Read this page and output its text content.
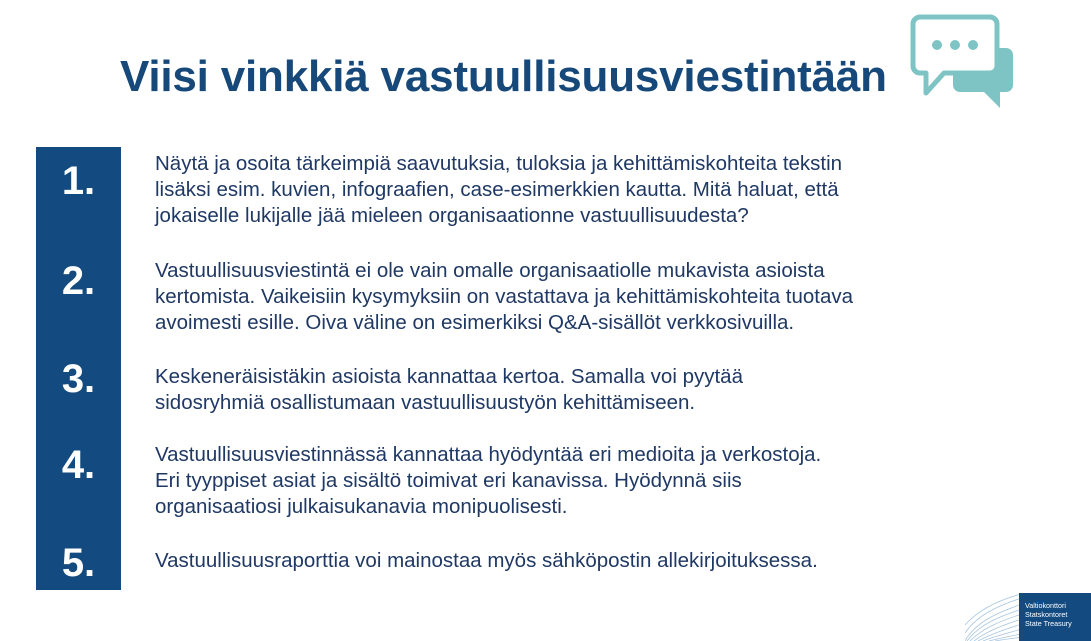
Viisi vinkkiä vastuullisuusviestintään
1.
2.
3.
4.
5.

Näytä ja osoita tärkeimpiä saavutuksia, tuloksia ja kehittämiskohteita tekstin

lisäksi esim. kuvien, infograafien, case-esimerkkien kautta. Mitä haluat, että

jokaiselle lukijalle jää mieleen organisaationne vastuullisuudesta?

Vastuullisuusviestintä ei ole vain omalle organisaatiolle mukavista asioista

kertomista. Vaikeisiin kysymyksiin on vastattava ja kehittämiskohteita tuotava

avoimesti esille. Oiva väline on esimerkiksi Q&A-sisällöt verkkosivuilla.

Keskeneräisistäkin asioista kannattaa kertoa. Samalla voi pyytää

sidosryhmiä osallistumaan vastuullisuustyön kehittämiseen.

Vastuullisuusviestinnässä kannattaa hyödyntää eri medioita ja verkostoja.

Eri tyyppiset asiat ja sisältö toimivat eri kanavissa. Hyödynnä siis

organisaatiosi julkaisukanavia monipuolisesti.

Vastuullisuusraporttia voi mainostaa myös sähköpostin allekirjoituksessa.

Valtiokonttori
Statskontoret
State Treasury
